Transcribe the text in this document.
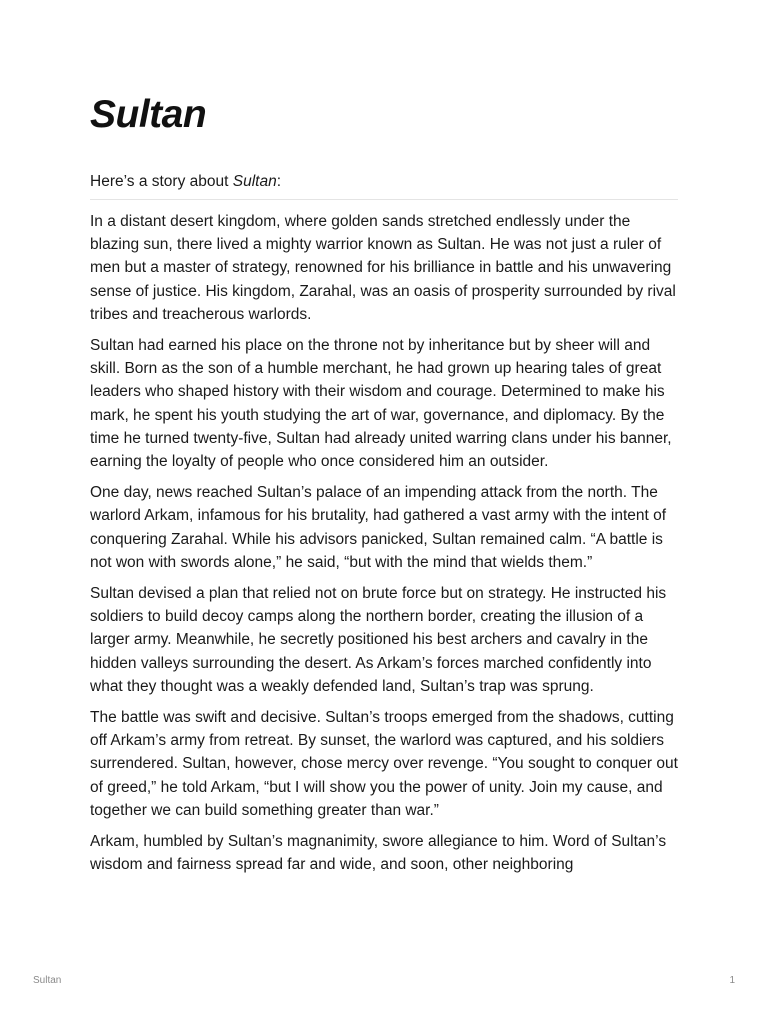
Sultan
Here’s a story about Sultan:

In a distant desert kingdom, where golden sands stretched endlessly under the blazing sun, there lived a mighty warrior known as Sultan. He was not just a ruler of men but a master of strategy, renowned for his brilliance in battle and his unwavering sense of justice. His kingdom, Zarahal, was an oasis of prosperity surrounded by rival tribes and treacherous warlords.

Sultan had earned his place on the throne not by inheritance but by sheer will and skill. Born as the son of a humble merchant, he had grown up hearing tales of great leaders who shaped history with their wisdom and courage. Determined to make his mark, he spent his youth studying the art of war, governance, and diplomacy. By the time he turned twenty-five, Sultan had already united warring clans under his banner, earning the loyalty of people who once considered him an outsider.

One day, news reached Sultan’s palace of an impending attack from the north. The warlord Arkam, infamous for his brutality, had gathered a vast army with the intent of conquering Zarahal. While his advisors panicked, Sultan remained calm. “A battle is not won with swords alone,” he said, “but with the mind that wields them.”

Sultan devised a plan that relied not on brute force but on strategy. He instructed his soldiers to build decoy camps along the northern border, creating the illusion of a larger army. Meanwhile, he secretly positioned his best archers and cavalry in the hidden valleys surrounding the desert. As Arkam’s forces marched confidently into what they thought was a weakly defended land, Sultan’s trap was sprung.

The battle was swift and decisive. Sultan’s troops emerged from the shadows, cutting off Arkam’s army from retreat. By sunset, the warlord was captured, and his soldiers surrendered. Sultan, however, chose mercy over revenge. “You sought to conquer out of greed,” he told Arkam, “but I will show you the power of unity. Join my cause, and together we can build something greater than war.”

Arkam, humbled by Sultan’s magnanimity, swore allegiance to him. Word of Sultan’s wisdom and fairness spread far and wide, and soon, other neighboring

Sultan	1
